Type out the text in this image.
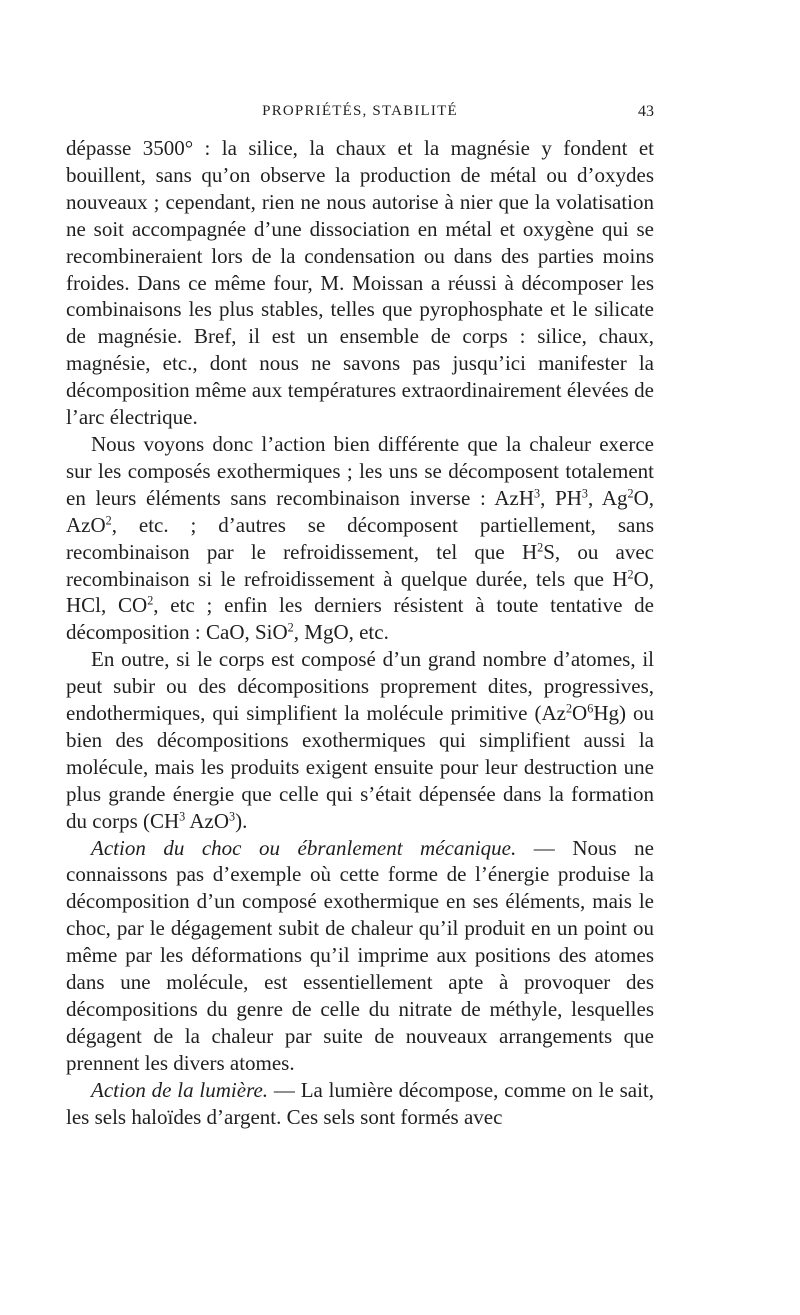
PROPRIÉTÉS, STABILITÉ	43

dépasse 3500° : la silice, la chaux et la magnésie y fondent et bouillent, sans qu’on observe la production de métal ou d’oxydes nouveaux ; cependant, rien ne nous autorise à nier que la volatisation ne soit accompagnée d’une dissociation en métal et oxygène qui se recombineraient lors de la condensation ou dans des parties moins froides. Dans ce même four, M. Moissan a réussi à décomposer les combinaisons les plus stables, telles que pyrophosphate et le silicate de magnésie. Bref, il est un ensemble de corps : silice, chaux, magnésie, etc., dont nous ne savons pas jusqu’ici manifester la décomposition même aux températures extraordinairement élevées de l’arc électrique.

Nous voyons donc l’action bien différente que la chaleur exerce sur les composés exothermiques ; les uns se décomposent totalement en leurs éléments sans recombinaison inverse : AzH$^3$, $PH^3$, Ag$^2$O, AzO$^2$, etc. ; d’autres se décomposent partiellement, sans recombinaison par le refroidissement, tel que $H^2S$, ou avec recombinaison si le refroidissement à quelque durée, tels que $H^2O$, HCl, $CO^2$, etc ; enfin les derniers résistent à toute tentative de décomposition : CaO, SiO$^2$, MgO, etc.

En outre, si le corps est composé d’un grand nombre d’atomes, il peut subir ou des décompositions proprement dites, progressives, endothermiques, qui simplifient la molécule primitive $(Az^2O^6Hg)$ ou bien des décompositions exothermiques qui simplifient aussi la molécule, mais les produits exigent ensuite pour leur destruction une plus grande énergie que celle qui s’était dépensée dans la formation du corps ($CH^3$ AzO$^3$).

Action du choc ou ébranlement mécanique. — Nous ne connaissons pas d’exemple où cette forme de l’énergie produise la décomposition d’un composé exothermique en ses éléments, mais le choc, par le dégagement subit de chaleur qu’il produit en un point ou même par les déformations qu’il imprime aux positions des atomes dans une molécule, est essentiellement apte à provoquer des décompositions du genre de celle du nitrate de méthyle, lesquelles dégagent de la chaleur par suite de nouveaux arrangements que prennent les divers atomes.

Action de la lumière. — La lumière décompose, comme on le sait, les sels haloïdes d’argent. Ces sels sont formés avec
